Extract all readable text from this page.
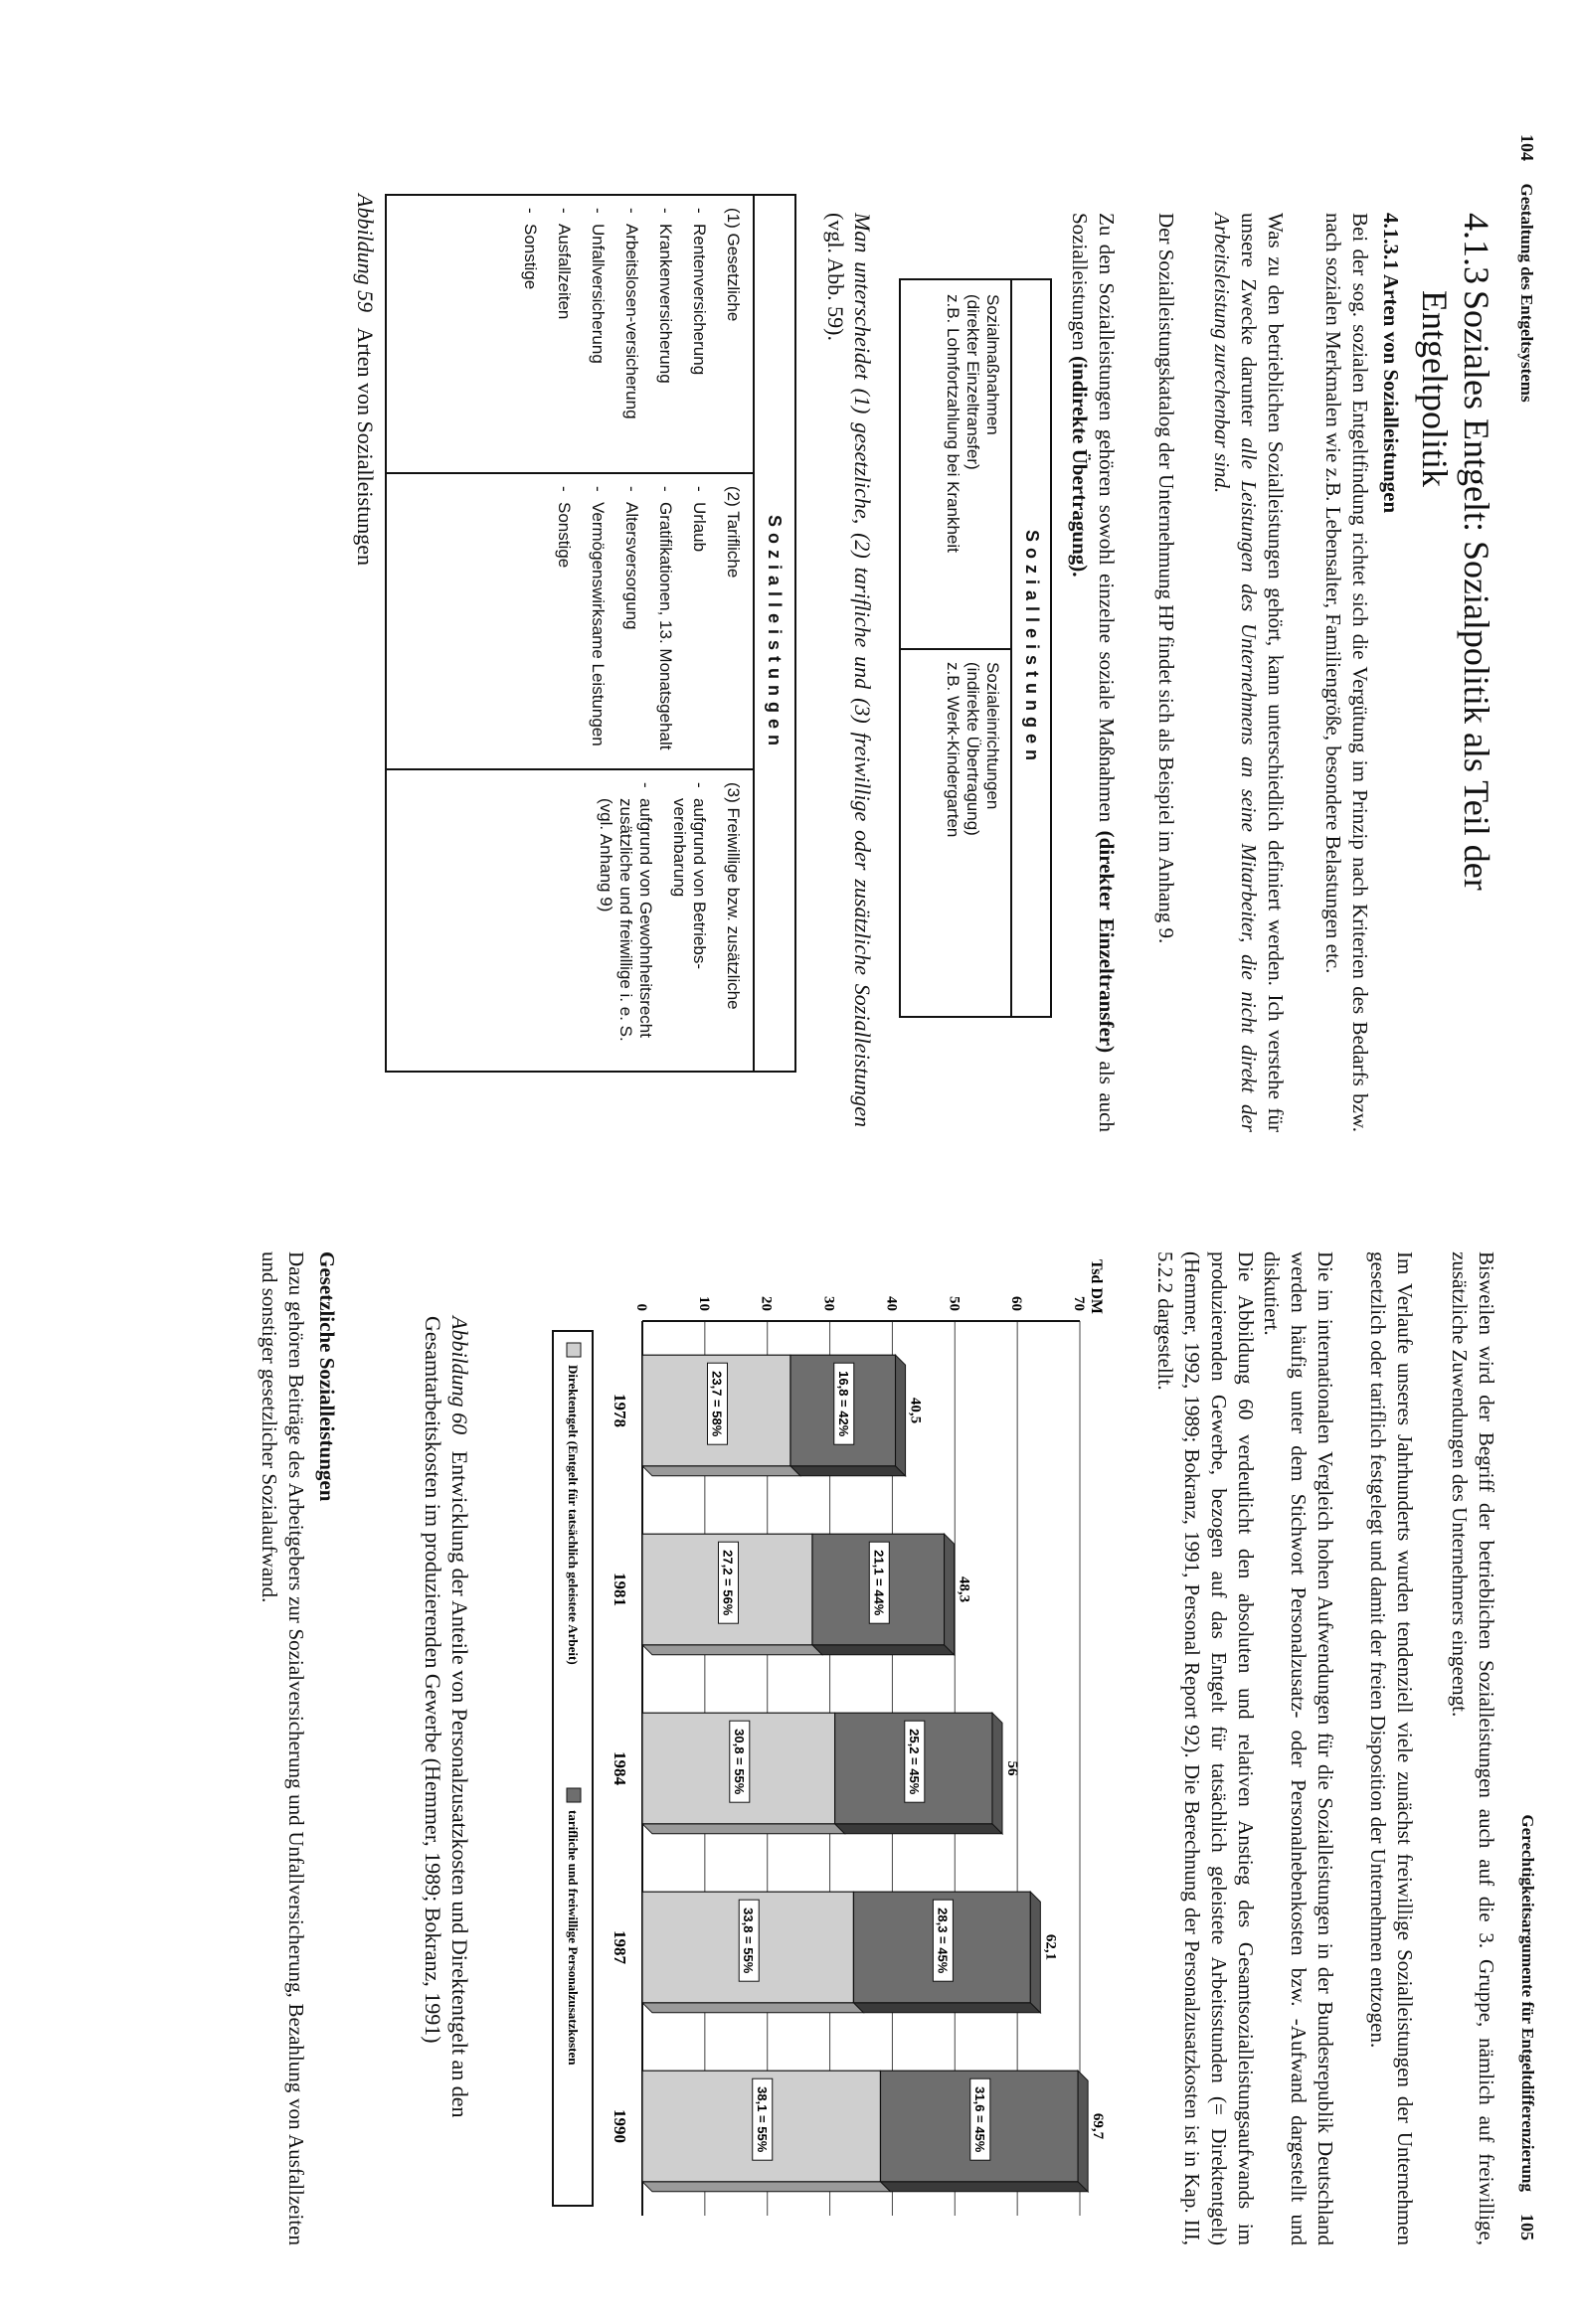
104 Gestaltung des Entgeltsystems
4.1.3
Soziales Entgelt: Sozialpolitik als Teil der Entgeltpolitik
4.1.3.1 Arten von Sozialleistungen

Bei der sog. sozialen Entgeltfindung richtet sich die Vergütung im Prinzip nach Kriterien des Bedarfs bzw. nach sozialen Merkmalen wie z.B. Lebensalter, Familiengröße, besondere Belastungen etc.

Was zu den betrieblichen Sozialleistungen gehört, kann unterschiedlich definiert werden. Ich verstehe für unsere Zwecke darunter alle Leistungen des Unternehmens an seine Mitarbeiter, die nicht direkt der Arbeitsleistung zurechenbar sind.

Der Sozialleistungskatalog der Unternehmung HP findet sich als Beispiel im Anhang 9.

Zu den Sozialleistungen gehören sowohl einzelne soziale Maßnahmen (direkter Einzeltransfer) als auch Sozialleistungen (indirekte Übertragung).

Sozialleistungen
Sozialmaßnahmen
(direkter Einzeltransfer)
z.B. Lohnfortzahlung bei Krankheit
Sozialeinrichtungen
(indirekte Übertragung)
z.B. Werk-Kindergarten

Man unterscheidet (1) gesetzliche, (2) tarifliche und (3) freiwillige oder zusätzliche Sozialleistungen (vgl. Abb. 59).

Sozialleistungen
(1) Gesetzliche
- Rentenversicherung
- Krankenversicherung
- Arbeitslosen-versicherung
- Unfallversicherung
- Ausfallzeiten
- Sonstige
(2) Tarifliche
- Urlaub
- Gratifikationen, 13. Monatsgehalt
- Altersversorgung
- Vermögenswirksame Leistungen
- Sonstige
(3) Freiwillige bzw. zusätzliche
- aufgrund von Betriebs-vereinbarung
- aufgrund von Gewohnheitsrecht zusätzliche und freiwillige i. e. S. (vgl. Anhang 9)
Abbildung 59   Arten von Sozialleistungen
Gerechtigkeitsargumente für Entgeltdifferenzierung
105

Bisweilen wird der Begriff der betrieblichen Sozialleistungen auch auf die 3. Gruppe, nämlich auf freiwillige, zusätzliche Zuwendungen des Unternehmers eingeengt.

Im Verlaufe unseres Jahrhunderts wurden tendenziell viele zunächst freiwillige Sozialleistungen der Unternehmen gesetzlich oder tariflich festgelegt und damit der freien Disposition der Unternehmen entzogen.

Die im internationalen Vergleich hohen Aufwendungen für die Sozialleistungen in der Bundesrepublik Deutschland werden häufig unter dem Stichwort Personalzusatz- oder Personalnebenkosten bzw. -Aufwand dargestellt und diskutiert.

Die Abbildung 60 verdeutlicht den absoluten und relativen Anstieg des Gesamtsozialleistungsaufwands im produzierenden Gewerbe, bezogen auf das Entgelt für tatsächlich geleistete Arbeitsstunden (= Direktentgelt) (Hemmer, 1992, 1989; Bokranz, 1991, Personal Report 92). Die Berechnung der Personalzusatzkosten ist in Kap. III, 5.2.2 dargestellt.

Tsd DM
0	10	20	30	40	50	60	70
23,7 = 58%	16,8 = 42%	40,5
1978
27,2 = 56%	21,1 = 44%	48,3
1981
30,8 = 55%	25,2 = 45%	56
1984
33,8 = 55%	28,3 = 45%	62,1
1987
38,1 = 55%	31,6 = 45%	69,7
1990
Direktentgelt (Entgelt für tatsächlich geleistete Arbeit)
tarifliche und freiwillige Personalzusatzkosten
Abbildung 60   Entwicklung der Anteile von Personalzusatzkosten und Direktentgelt an den Gesamtarbeitskosten im produzierenden Gewerbe (Hemmer, 1989; Bokranz, 1991)
Gesetzliche Sozialleistungen

Dazu gehören Beiträge des Arbeitgebers zur Sozialversicherung und Unfallversicherung, Bezahlung von Ausfallzeiten und sonstiger gesetzlicher Sozialaufwand.
